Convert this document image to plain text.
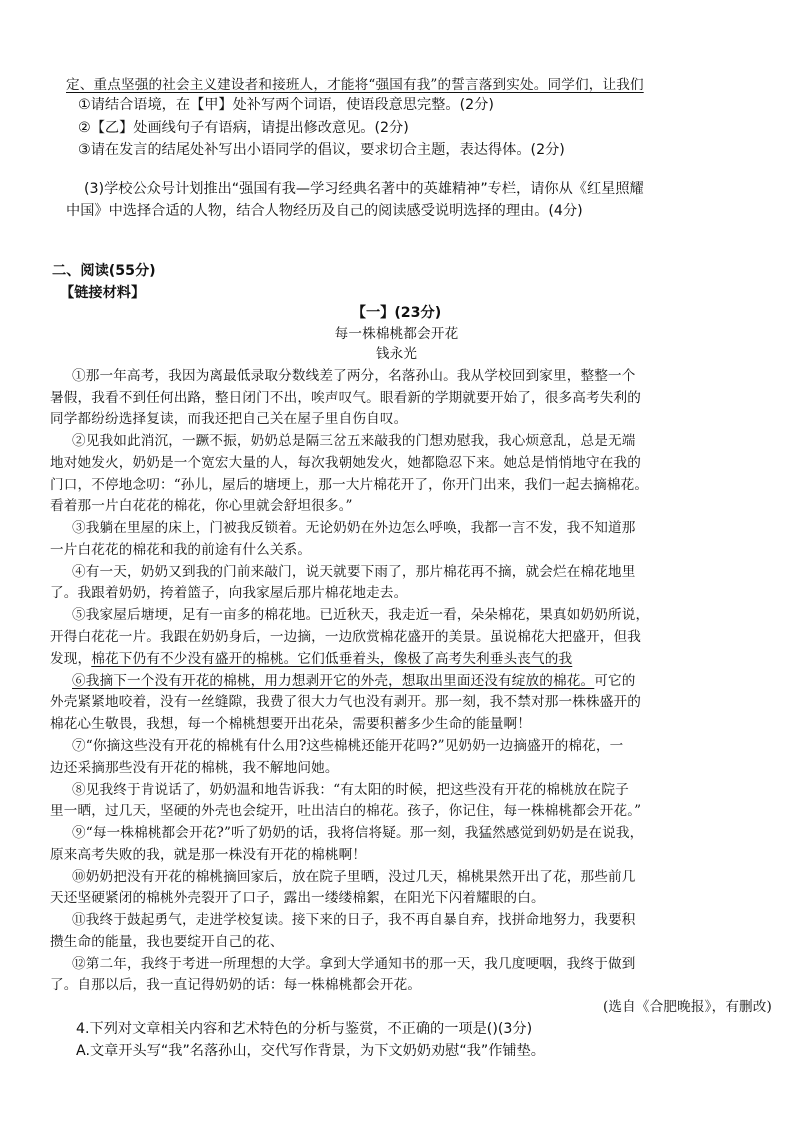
定、重点坚强的社会主义建设者和接班人，才能将“强国有我”的誓言落到实处。同学们，让我们
①请结合语境，在【甲】处补写两个词语，使语段意思完整。(2分)
②【乙】处画线句子有语病，请提出修改意见。(2分)
③请在发言的结尾处补写出小语同学的倡议，要求切合主题，表达得体。(2分)
(3)学校公众号计划推出“强国有我—学习经典名著中的英雄精神”专栏，请你从《红星照耀
中国》中选择合适的人物，结合人物经历及自己的阅读感受说明选择的理由。(4分)
二、阅读(55分)
【链接材料】
【一】(23分)
每一株棉桃都会开花
钱永光
①那一年高考，我因为离最低录取分数线差了两分，名落孙山。我从学校回到家里，整整一个
暑假，我看不到任何出路，整日闭门不出，唉声叹气。眼看新的学期就要开始了，很多高考失利的
同学都纷纷选择复读，而我还把自己关在屋子里自伤自叹。
②见我如此消沉，一蹶不振，奶奶总是隔三岔五来敲我的门想劝慰我，我心烦意乱，总是无端
地对她发火，奶奶是一个宽宏大量的人，每次我朝她发火，她都隐忍下来。她总是悄悄地守在我的
门口，不停地念叨：“孙儿，屋后的塘埂上，那一大片棉花开了，你开门出来，我们一起去摘棉花。
看着那一片白花花的棉花，你心里就会舒坦很多。”
③我躺在里屋的床上，门被我反锁着。无论奶奶在外边怎么呼唤，我都一言不发，我不知道那
一片白花花的棉花和我的前途有什么关系。
④有一天，奶奶又到我的门前来敲门，说天就要下雨了，那片棉花再不摘，就会烂在棉花地里
了。我跟着奶奶，挎着篮子，向我家屋后那片棉花地走去。
⑤我家屋后塘埂，足有一亩多的棉花地。已近秋天，我走近一看，朵朵棉花，果真如奶奶所说，
开得白花花一片。我跟在奶奶身后，一边摘，一边欣赏棉花盛开的美景。虽说棉花大把盛开，但我
发现，棉花下仍有不少没有盛开的棉桃。它们低垂着头，像极了高考失利垂头丧气的我
⑥我摘下一个没有开花的棉桃，用力想剥开它的外壳，想取出里面还没有绽放的棉花。可它的
外壳紧紧地咬着，没有一丝缝隙，我费了很大力气也没有剥开。那一刻，我不禁对那一株株盛开的
棉花心生敬畏，我想，每一个棉桃想要开出花朵，需要积蓄多少生命的能量啊！
⑦“你摘这些没有开花的棉桃有什么用?这些棉桃还能开花吗?”见奶奶一边摘盛开的棉花，一
边还采摘那些没有开花的棉桃，我不解地问她。
⑧见我终于肯说话了，奶奶温和地告诉我：“有太阳的时候，把这些没有开花的棉桃放在院子
里一晒，过几天，坚硬的外壳也会绽开，吐出洁白的棉花。孩子，你记住，每一株棉桃都会开花。”
⑨“每一株棉桃都会开花?”听了奶奶的话，我将信将疑。那一刻，我猛然感觉到奶奶是在说我，
原来高考失败的我，就是那一株没有开花的棉桃啊！
⑩奶奶把没有开花的棉桃摘回家后，放在院子里晒，没过几天，棉桃果然开出了花，那些前几
天还坚硬紧闭的棉桃外壳裂开了口子，露出一缕缕棉絮，在阳光下闪着耀眼的白。
⑪我终于鼓起勇气，走进学校复读。接下来的日子，我不再自暴自弃，找拼命地努力，我要积
攒生命的能量，我也要绽开自己的花、
⑫第二年，我终于考进一所理想的大学。拿到大学通知书的那一天，我几度哽咽，我终于做到
了。自那以后，我一直记得奶奶的话：每一株棉桃都会开花。
(选自《合肥晚报》，有删改)
4.下列对文章相关内容和艺术特色的分析与鉴赏，不正确的一项是()(3分)
A.文章开头写“我”名落孙山，交代写作背景，为下文奶奶劝慰“我”作铺垫。
